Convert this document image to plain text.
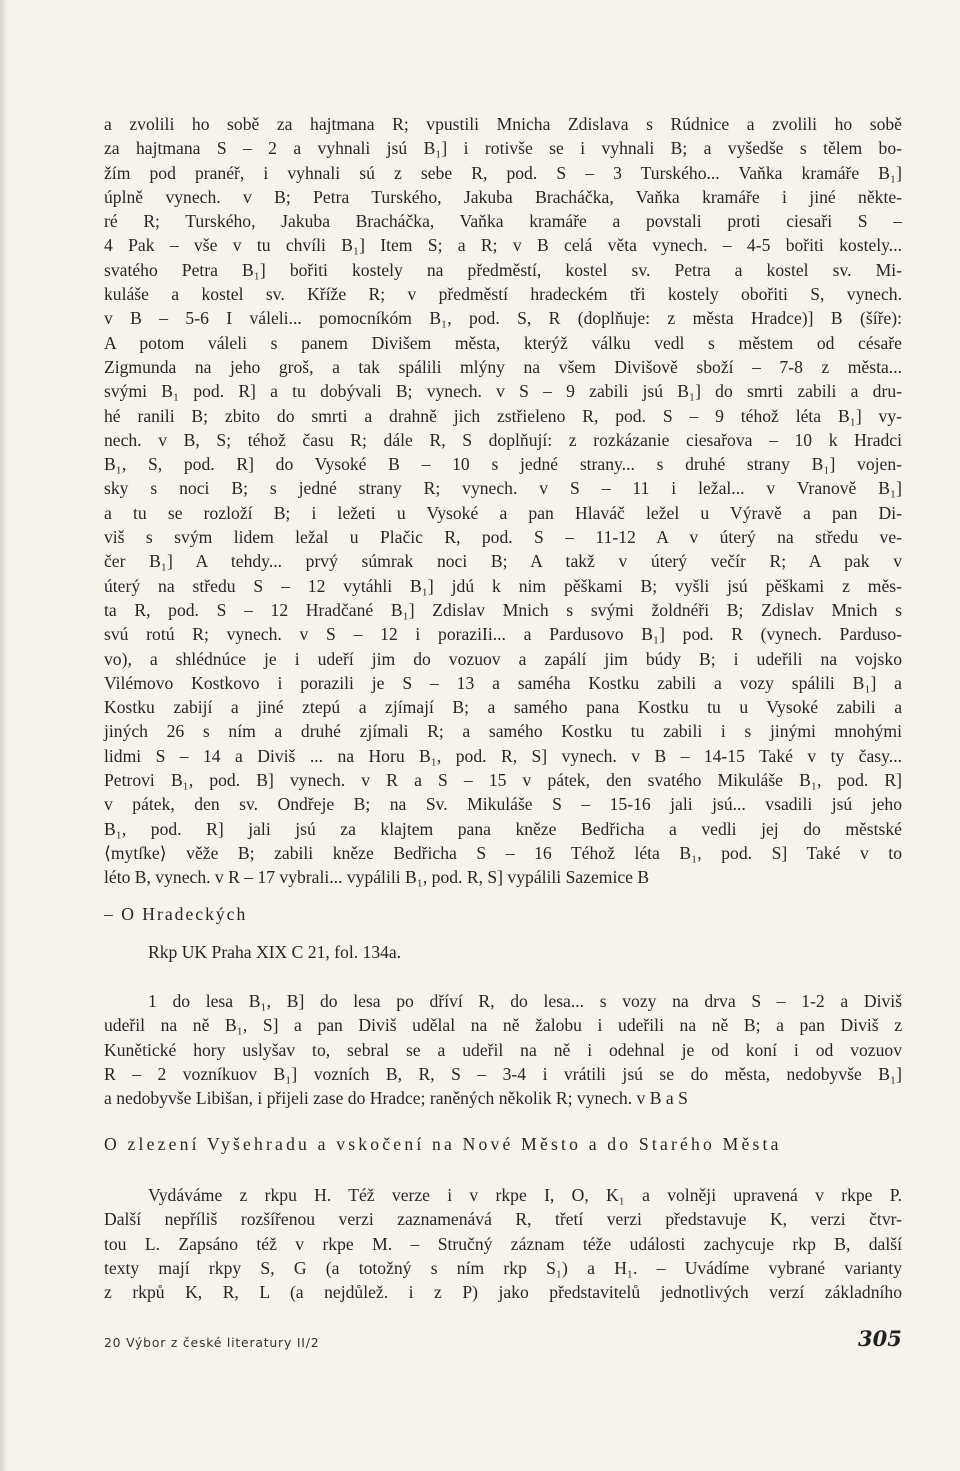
a zvolili ho sobě za hajtmana R; vpustili Mnicha Zdislava s Rúdnice a zvolili ho sobě
za hajtmana S – 2 a vyhnali jsú B₁] i rotivše se i vyhnali B; a vyšedše s tělem bo-
žím pod pranéř, i vyhnali sú z sebe R, pod. S – 3 Turského... Vaňka kramáře B₁]
úplně vynech. v B; Petra Turského, Jakuba Bracháčka, Vaňka kramáře i jiné někte-
ré R; Turského, Jakuba Bracháčka, Vaňka kramáře a povstali proti ciesaři S –
4 Pak – vše v tu chvíli B₁] Item S; a R; v B celá věta vynech. – 4-5 bořiti kostely...
svatého Petra B₁] bořiti kostely na předměstí, kostel sv. Petra a kostel sv. Mi-
kuláše a kostel sv. Kříže R; v předměstí hradeckém tři kostely obořiti S, vynech.
v B – 5-6 I váleli... pomocníkóm B₁, pod. S, R (doplňuje: z města Hradce)] B (šíře):
A potom váleli s panem Divišem města, kterýž válku vedl s městem od césaře
Zigmunda na jeho groš, a tak spálili mlýny na všem Divišově sboží – 7-8 z města...
svými B₁ pod. R] a tu dobývali B; vynech. v S – 9 zabili jsú B₁] do smrti zabili a dru-
hé ranili B; zbito do smrti a drahně jich zstřieleno R, pod. S – 9 téhož léta B₁] vy-
nech. v B, S; téhož času R; dále R, S doplňují: z rozkázanie ciesařova – 10 k Hradci
B₁, S, pod. R] do Vysoké B – 10 s jedné strany... s druhé strany B₁] vojen-
sky s noci B; s jedné strany R; vynech. v S – 11 i ležal... v Vranově B₁]
a tu se rozloží B; i ležeti u Vysoké a pan Hlaváč ležel u Výravě a pan Di-
viš s svým lidem ležal u Plačic R, pod. S – 11-12 A v úterý na středu ve-
čer B₁] A tehdy... prvý súmrak noci B; A takž v úterý večír R; A pak v
úterý na středu S – 12 vytáhli B₁] jdú k nim pěškami B; vyšli jsú pěškami z měs-
ta R, pod. S – 12 Hradčané B₁] Zdislav Mnich s svými žoldnéři B; Zdislav Mnich s
svú rotú R; vynech. v S – 12 i poraziIi... a Pardusovo B₁] pod. R (vynech. Parduso-
vo), a shlédnúce je i udeří jim do vozuov a zapálí jim búdy B; i udeřili na vojsko
Vilémovo Kostkovo i porazili je S – 13 a saméha Kostku zabili a vozy spálili B₁] a
Kostku zabijí a jiné ztepú a zjímají B; a samého pana Kostku tu u Vysoké zabili a
jiných 26 s ním a druhé zjímali R; a samého Kostku tu zabili i s jinými mnohými
lidmi S – 14 a Diviš ... na Horu B₁, pod. R, S] vynech. v B – 14-15 Také v ty časy...
Petrovi B₁, pod. B] vynech. v R a S – 15 v pátek, den svatého Mikuláše B₁, pod. R]
v pátek, den sv. Ondřeje B; na Sv. Mikuláše S – 15-16 jali jsú... vsadili jsú jeho
B₁, pod. R] jali jsú za klajtem pana kněze Bedřicha a vedli jej do městské
⟨mytſke⟩ věže B; zabili kněze Bedřicha S – 16 Téhož léta B₁, pod. S] Také v to
léto B, vynech. v R – 17 vybrali... vypálili B₁, pod. R, S] vypálili Sazemice B
– O Hradeckých
Rkp UK Praha XIX C 21, fol. 134a.
1 do lesa B₁, B] do lesa po dříví R, do lesa... s vozy na drva S – 1-2 a Diviš
udeřil na ně B₁, S] a pan Diviš udělal na ně žalobu i udeřili na ně B; a pan Diviš z
Kunětické hory uslyšav to, sebral se a udeřil na ně i odehnal je od koní i od vozuov
R – 2 vozníkuov B₁] vozních B, R, S – 3-4 i vrátili jsú se do města, nedobyvše B₁]
a nedobyvše Libišan, i přijeli zase do Hradce; raněných několik R; vynech. v B a S
O zlezení Vyšehradu a vskočení na Nové Město a do Starého Města
Vydáváme z rkpu H. Též verze i v rkpe I, O, K₁ a volněji upravená v rkpe P.
Další nepříliš rozšířenou verzi zaznamenává R, třetí verzi představuje K, verzi čtvr-
tou L. Zapsáno též v rkpe M. – Stručný záznam téže události zachycuje rkp B, další
texty mají rkpy S, G (a totožný s ním rkp S₁) a H₁. – Uvádíme vybrané varianty
z rkpů K, R, L (a nejdůlež. i z P) jako představitelů jednotlivých verzí základního
20 Výbor z české literatury II/2	305
